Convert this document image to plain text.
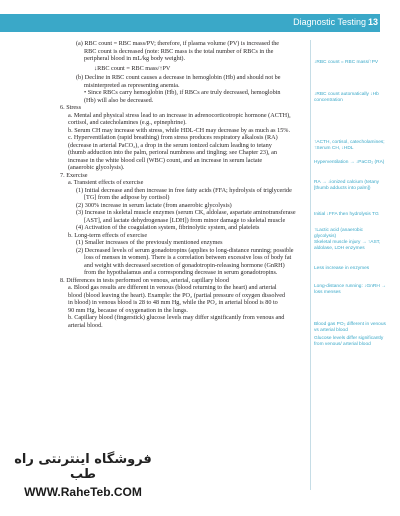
Diagnostic Testing 13

(a) RBC count = RBC mass/PV; therefore, if plasma volume (PV) is increased the

RBC count is decreased (note: RBC mass is the total number of RBCs in the

peripheral blood in mL/kg body weight).

↓RBC count = RBC mass/↑PV

(b) Decline in RBC count causes a decrease in hemoglobin (Hb) and should not be

misinterpreted as representing anemia.

• Since RBCs carry hemoglobin (Hb), if RBCs are truly decreased, hemoglobin

(Hb) will also be decreased.

6. Stress

a. Mental and physical stress lead to an increase in adrenocorticotropic hormone (ACTH),

cortisol, and catecholamines (e.g., epinephrine).

b. Serum CH may increase with stress, while HDL-CH may decrease by as much as 15%.

c. Hyperventilation (rapid breathing) from stress produces respiratory alkalosis (RA)

(decrease in arterial PaCO₂), a drop in the serum ionized calcium leading to tetany

(thumb adduction into the palm, perioral numbness and tingling; see Chapter 23), an

increase in the white blood cell (WBC) count, and an increase in serum lactate

(anaerobic glycolysis).

7. Exercise

a. Transient effects of exercise

(1) Initial decrease and then increase in free fatty acids (FFA; hydrolysis of triglyceride

[TG] from the adipose by cortisol)

(2) 300% increase in serum lactate (from anaerobic glycolysis)

(3) Increase in skeletal muscle enzymes (serum CK, aldolase, aspartate aminotransferase

[AST], and lactate dehydrogenase [LDH]) from minor damage to skeletal muscle

(4) Activation of the coagulation system, fibrinolytic system, and platelets

b. Long-term effects of exercise

(1) Smaller increases of the previously mentioned enzymes

(2) Decreased levels of serum gonadotropins (applies to long-distance running; possible

loss of menses in women). There is a correlation between excessive loss of body fat

and weight with decreased secretion of gonadotropin-releasing hormone (GnRH)

from the hypothalamus and a corresponding decrease in serum gonadotropins.

8. Differences in tests performed on venous, arterial, capillary blood

a. Blood gas results are different in venous (blood returning to the heart) and arterial

blood (blood leaving the heart). Example: the PO₂ (partial pressure of oxygen dissolved

in blood) in venous blood is 28 to 48 mm Hg, while the PO₂ in arterial blood is 80 to

90 mm Hg, because of oxygenation in the lungs.

b. Capillary blood (fingerstick) glucose levels may differ significantly from venous and

arterial blood.

↓RBC count = RBC mass/↑PV
↓RBC count automatically ↓Hb concentration
↑ACTH, cortisol, catecholamines; ↑Serum CH, ↓HDL
Hyperventilation → ↓PaCO₂ (RA)
RA → ↓ionized calcium (tetany [thumb adducts into palm])
Initial ↓FFA then hydrolysis TG
↑Lactic acid (anaerobic glycolysis)
Skeletal muscle injury → ↑AST, aldolase, LDH enzymes
Less increase in enzymes
Long-distance running: ↓GnRH → loss menses
Blood gas PO₂ different in venous vs arterial blood
Glucose levels differ significantly from venous/ arterial blood
فروشگاه اینترنتی راه طب
WWW.RaheTeb.COM
